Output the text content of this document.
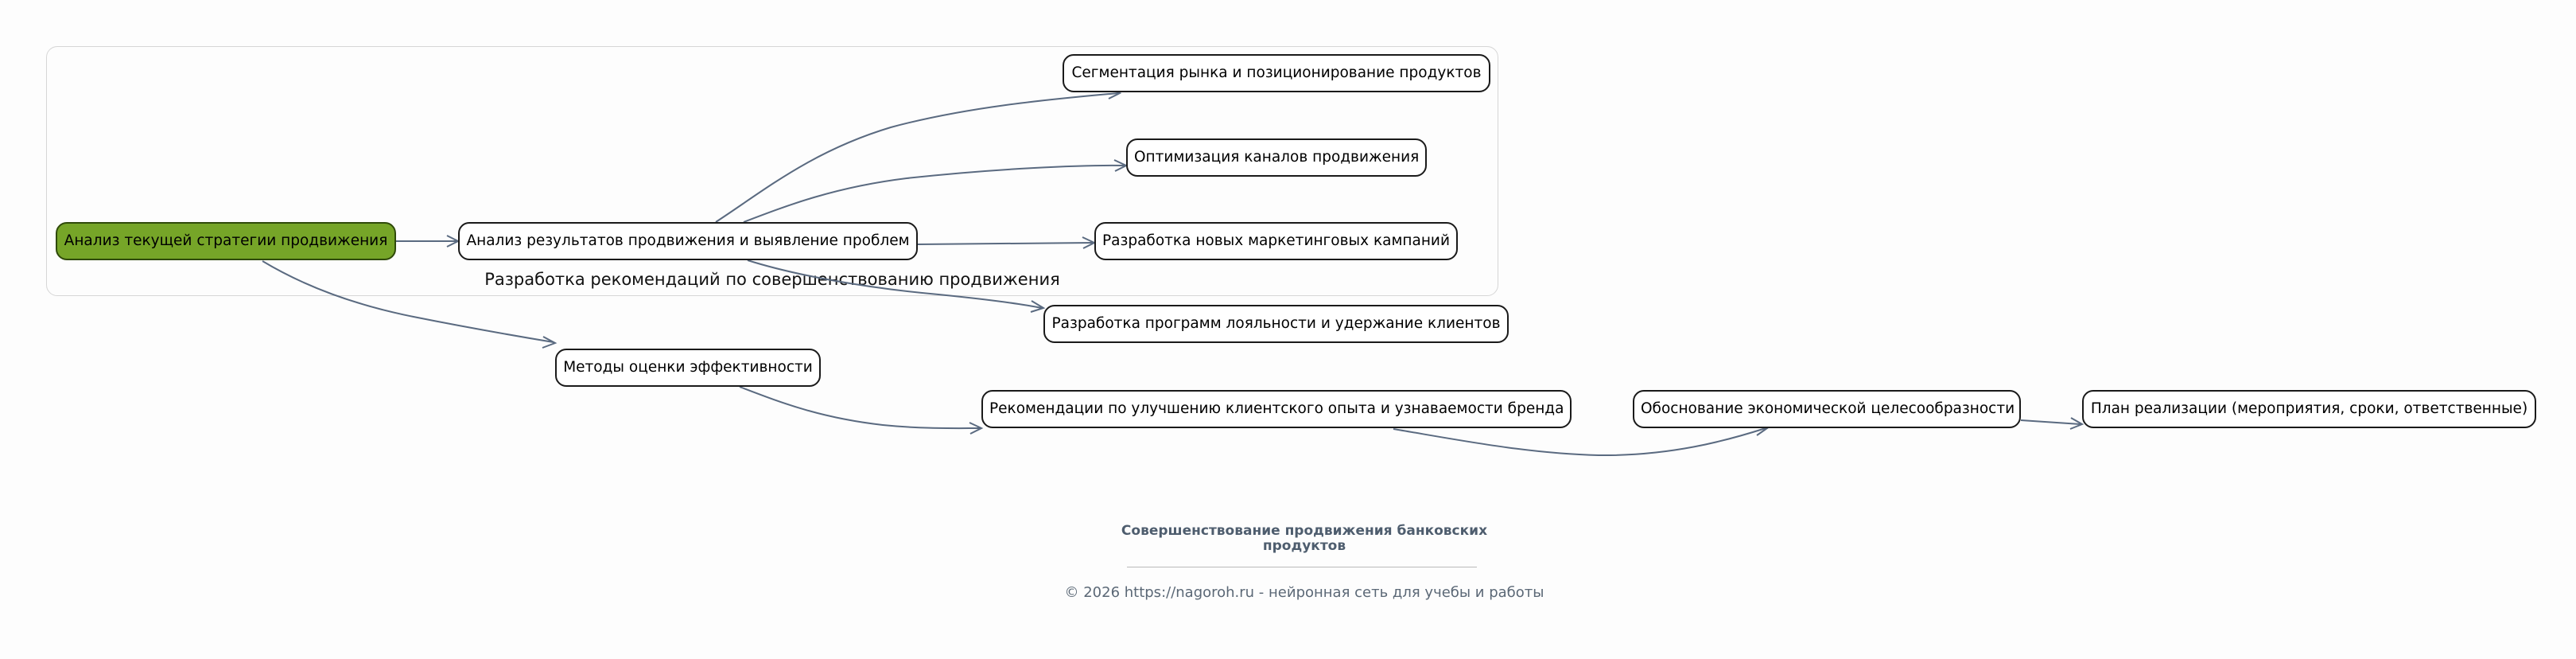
Разработка рекомендаций по совершенствованию продвижения
Анализ текущей стратегии продвижения	Анализ результатов продвижения и выявление проблем
Сегментация рынка и позиционирование продуктов
Оптимизация каналов продвижения
Разработка новых маркетинговых кампаний
Разработка программ лояльности и удержание клиентов
Методы оценки эффективности
Рекомендации по улучшению клиентского опыта и узнаваемости бренда	Обоснование экономической целесообразности	План реализации (мероприятия, сроки, ответственные)
Совершенствование продвижения банковских
продуктов
© 2026 https://nagoroh.ru - нейронная сеть для учебы и работы
